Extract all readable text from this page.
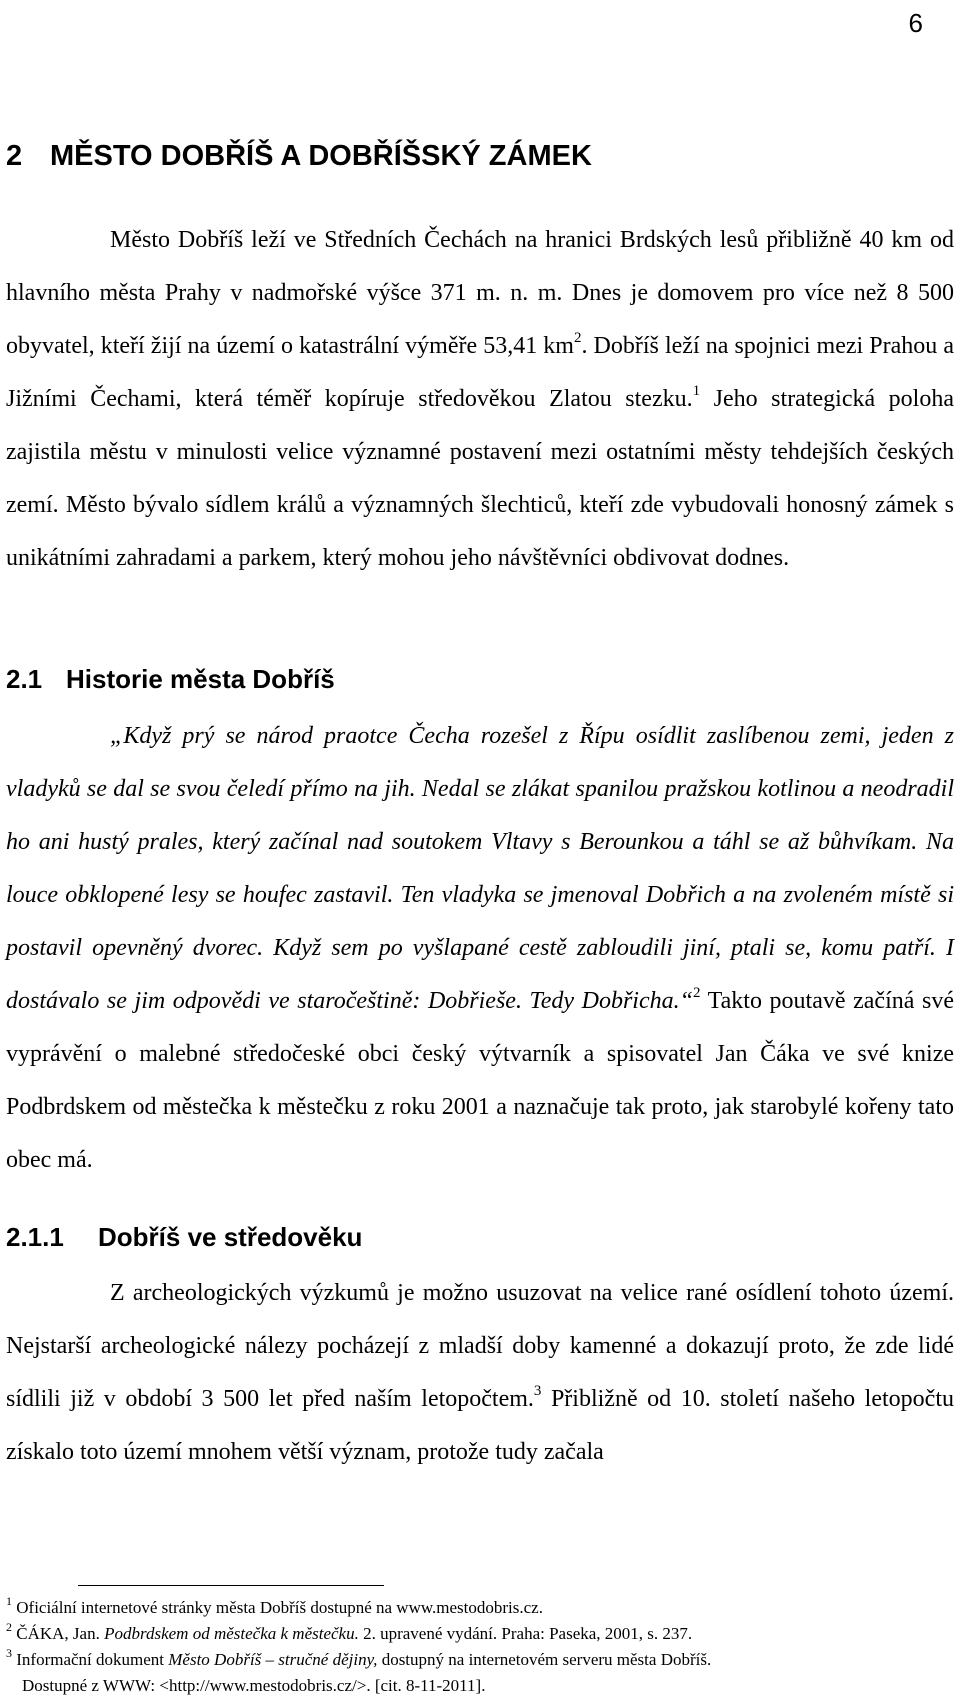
6
2 MĚSTO DOBŘÍŠ A DOBŘÍŠSKÝ ZÁMEK

Město Dobříš leží ve Středních Čechách na hranici Brdských lesů přibližně 40 km od hlavního města Prahy v nadmořské výšce 371 m. n. m. Dnes je domovem pro více než 8 500 obyvatel, kteří žijí na území o katastrální výměře 53,41 $km^2$. Dobříš leží na spojnici mezi Prahou a Jižními Čechami, která téměř kopíruje středověkou Zlatou stezku.$^1$ Jeho strategická poloha zajistila městu v minulosti velice významné postavení mezi ostatními městy tehdejších českých zemí. Město bývalo sídlem králů a významných šlechticů, kteří zde vybudovali honosný zámek s unikátními zahradami a parkem, který mohou jeho návštěvníci obdivovat dodnes.

2.1 Historie města Dobříš

„Když prý se národ praotce Čecha rozešel z Řípu osídlit zaslíbenou zemi, jeden z vladyků se dal se svou čeledí přímo na jih. Nedal se zlákat spanilou pražskou kotlinou a neodradil ho ani hustý prales, který začínal nad soutokem Vltavy s Berounkou a táhl se až bůhvíkam. Na louce obklopené lesy se houfec zastavil. Ten vladyka se jmenoval Dobřich a na zvoleném místě si postavil opevněný dvorec. Když sem po vyšlapané cestě zabloudili jiní, ptali se, komu patří. I dostávalo se jim odpovědi ve staročeštině: Dobřieše. Tedy Dobřicha.“$^2$ Takto poutavě začíná své vyprávění o malebné středočeské obci český výtvarník a spisovatel Jan Čáka ve své knize Podbrdskem od městečka k městečku z roku 2001 a naznačuje tak proto, jak starobylé kořeny tato obec má.

2.1.1 Dobříš ve středověku

Z archeologických výzkumů je možno usuzovat na velice rané osídlení tohoto území. Nejstarší archeologické nálezy pocházejí z mladší doby kamenné a dokazují proto, že zde lidé sídlili již v období 3 500 let před naším letopočtem.$^3$ Přibližně od 10. století našeho letopočtu získalo toto území mnohem větší význam, protože tudy začala

$^1$ Oficiální internetové stránky města Dobříš dostupné na www.mestodobris.cz.

$^2$ ČÁKA, Jan. Podbrdskem od městečka k městečku. 2. upravené vydání. Praha: Paseka, 2001, s. 237.

$^3$ Informační dokument Město Dobříš – stručné dějiny, dostupný na internetovém serveru města Dobříš.

Dostupné z WWW: <http://www.mestodobris.cz/>. [cit. 8-11-2011].
